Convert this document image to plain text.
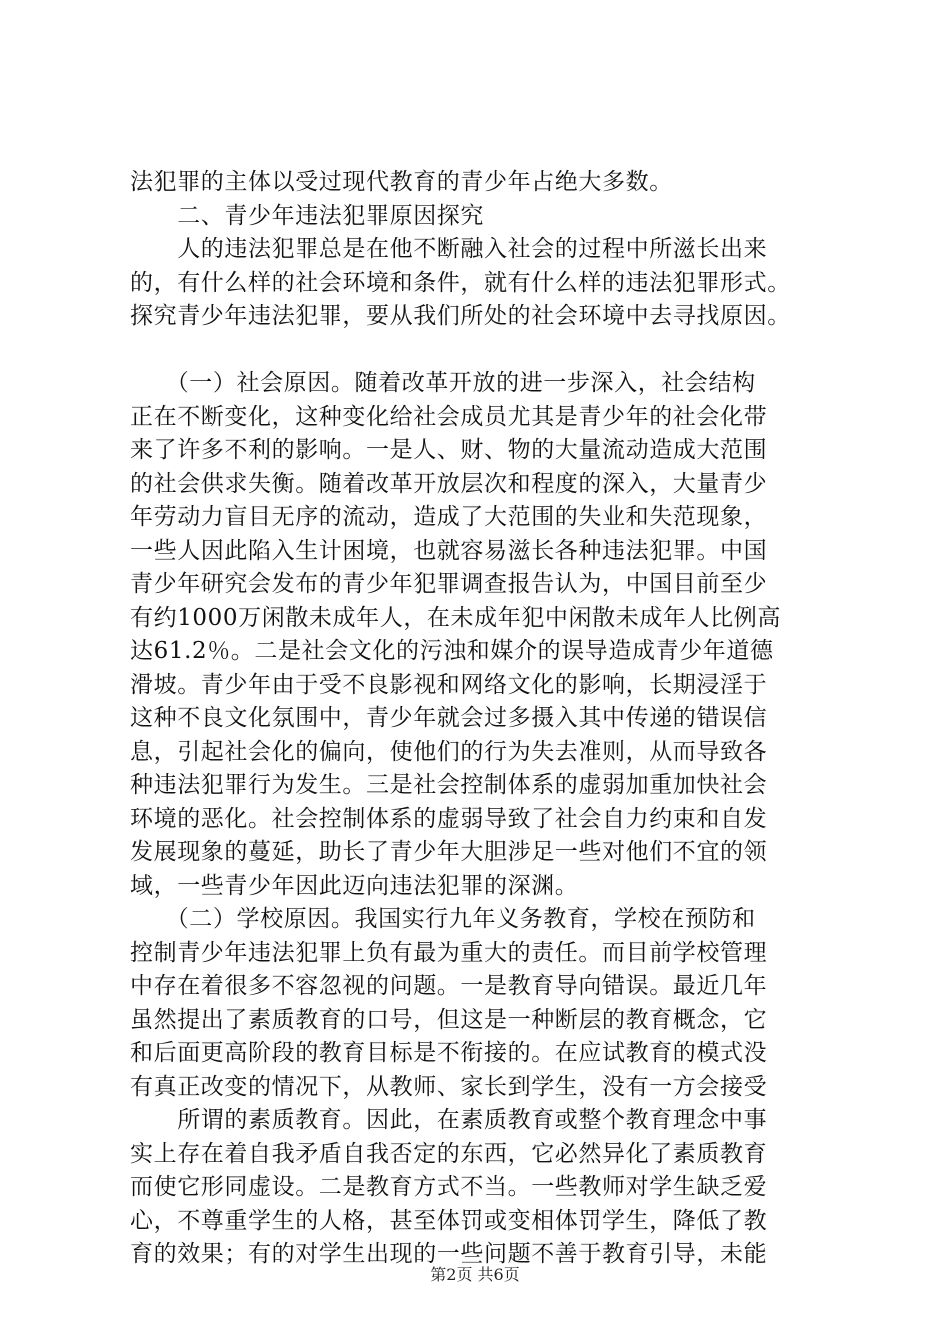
法犯罪的主体以受过现代教育的青少年占绝大多数。
　　二、青少年违法犯罪原因探究
　　人的违法犯罪总是在他不断融入社会的过程中所滋长出来
的，有什么样的社会环境和条件，就有什么样的违法犯罪形式。
探究青少年违法犯罪，要从我们所处的社会环境中去寻找原因。
　　（一）社会原因。随着改革开放的进一步深入，社会结构
正在不断变化，这种变化给社会成员尤其是青少年的社会化带
来了许多不利的影响。一是人、财、物的大量流动造成大范围
的社会供求失衡。随着改革开放层次和程度的深入，大量青少
年劳动力盲目无序的流动，造成了大范围的失业和失范现象，
一些人因此陷入生计困境，也就容易滋长各种违法犯罪。中国
青少年研究会发布的青少年犯罪调查报告认为，中国目前至少
有约1000万闲散未成年人，在未成年犯中闲散未成年人比例高
达61.2％。二是社会文化的污浊和媒介的误导造成青少年道德
滑坡。青少年由于受不良影视和网络文化的影响，长期浸淫于
这种不良文化氛围中，青少年就会过多摄入其中传递的错误信
息，引起社会化的偏向，使他们的行为失去准则，从而导致各
种违法犯罪行为发生。三是社会控制体系的虚弱加重加快社会
环境的恶化。社会控制体系的虚弱导致了社会自力约束和自发
发展现象的蔓延，助长了青少年大胆涉足一些对他们不宜的领
域，一些青少年因此迈向违法犯罪的深渊。
　　（二）学校原因。我国实行九年义务教育，学校在预防和
控制青少年违法犯罪上负有最为重大的责任。而目前学校管理
中存在着很多不容忽视的问题。一是教育导向错误。最近几年
虽然提出了素质教育的口号，但这是一种断层的教育概念，它
和后面更高阶段的教育目标是不衔接的。在应试教育的模式没
有真正改变的情况下，从教师、家长到学生，没有一方会接受
　　所谓的素质教育。因此，在素质教育或整个教育理念中事
实上存在着自我矛盾自我否定的东西，它必然异化了素质教育
而使它形同虚设。二是教育方式不当。一些教师对学生缺乏爱
心，不尊重学生的人格，甚至体罚或变相体罚学生，降低了教
育的效果；有的对学生出现的一些问题不善于教育引导，未能
第2页 共6页
